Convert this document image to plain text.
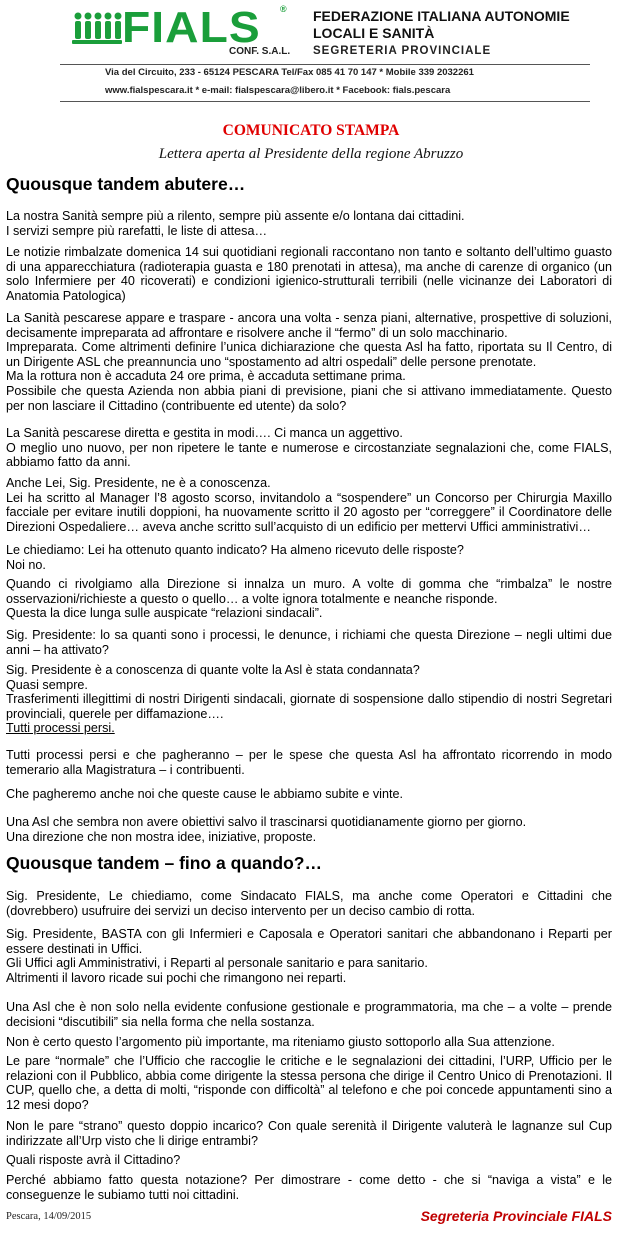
FIALS ®
CONF. S.A.L.
FEDERAZIONE ITALIANA AUTONOMIE
LOCALI E SANITÀ
SEGRETERIA PROVINCIALE
Via del Circuito, 233 - 65124 PESCARA Tel/Fax 085 41 70 147 * Mobile 339 2032261
www.fialspescara.it * e-mail: fialspescara@libero.it * Facebook: fials.pescara
COMUNICATO STAMPA
Lettera aperta al Presidente della regione Abruzzo
Quousque tandem abutere…
La nostra Sanità sempre più a rilento, sempre più assente e/o lontana dai cittadini.
I servizi sempre più rarefatti, le liste di attesa…
Le notizie rimbalzate domenica 14 sui quotidiani regionali raccontano non tanto e soltanto dell’ultimo guasto
di una apparecchiatura (radioterapia guasta e 180 prenotati in attesa), ma anche di carenze di organico (un
solo Infermiere per 40 ricoverati) e condizioni igienico-strutturali terribili (nelle vicinanze dei Laboratori di
Anatomia Patologica)
La Sanità pescarese appare e traspare - ancora una volta - senza piani, alternative, prospettive di soluzioni,
decisamente impreparata ad affrontare e risolvere anche il “fermo” di un solo macchinario.
Impreparata. Come altrimenti definire l’unica dichiarazione che questa Asl ha fatto, riportata su Il Centro, di
un Dirigente ASL che preannuncia uno “spostamento ad altri ospedali” delle persone prenotate.
Ma la rottura non è accaduta 24 ore prima, è accaduta settimane prima.
Possibile che questa Azienda non abbia piani di previsione, piani che si attivano immediatamente. Questo
per non lasciare il Cittadino (contribuente ed utente) da solo?
La Sanità pescarese diretta e gestita in modi…. Ci manca un aggettivo.
O meglio uno nuovo, per non ripetere le tante e numerose e circostanziate segnalazioni che, come FIALS,
abbiamo fatto da anni.
Anche Lei, Sig. Presidente, ne è a conoscenza.
Lei ha scritto al Manager l’8 agosto scorso, invitandolo a “sospendere” un Concorso per Chirurgia Maxillo
facciale per evitare inutili doppioni, ha nuovamente scritto il 20 agosto per “correggere” il Coordinatore delle
Direzioni Ospedaliere… aveva anche scritto sull’acquisto di un edificio per mettervi Uffici amministrativi…
Le chiediamo: Lei ha ottenuto quanto indicato? Ha almeno ricevuto delle risposte?
Noi no.
Quando ci rivolgiamo alla Direzione si innalza un muro. A volte di gomma che “rimbalza” le nostre
osservazioni/richieste a questo o quello… a volte ignora totalmente e neanche risponde.
Questa la dice lunga sulle auspicate “relazioni sindacali”.
Sig. Presidente: lo sa quanti sono i processi, le denunce, i richiami che questa Direzione – negli ultimi due
anni – ha attivato?
Sig. Presidente è a conoscenza di quante volte la Asl è stata condannata?
Quasi sempre.
Trasferimenti illegittimi di nostri Dirigenti sindacali, giornate di sospensione dallo stipendio di nostri Segretari
provinciali, querele per diffamazione….
Tutti processi persi.
Tutti processi persi e che pagheranno – per le spese che questa Asl ha affrontato ricorrendo in modo
temerario alla Magistratura – i contribuenti.
Che pagheremo anche noi che queste cause le abbiamo subite e vinte.
Una Asl che sembra non avere obiettivi salvo il trascinarsi quotidianamente giorno per giorno.
Una direzione che non mostra idee, iniziative, proposte.
Quousque tandem – fino a quando?…
Sig. Presidente, Le chiediamo, come Sindacato FIALS, ma anche come Operatori e Cittadini che
(dovrebbero) usufruire dei servizi un deciso intervento per un deciso cambio di rotta.
Sig. Presidente, BASTA con gli Infermieri e Caposala e Operatori sanitari che abbandonano i Reparti per
essere destinati in Uffici.
Gli Uffici agli Amministrativi, i Reparti al personale sanitario e para sanitario.
Altrimenti il lavoro ricade sui pochi che rimangono nei reparti.
Una Asl che è non solo nella evidente confusione gestionale e programmatoria, ma che – a volte – prende
decisioni “discutibili” sia nella forma che nella sostanza.
Non è certo questo l’argomento più importante, ma riteniamo giusto sottoporlo alla Sua attenzione.
Le pare “normale” che l’Ufficio che raccoglie le critiche e le segnalazioni dei cittadini, l’URP, Ufficio per le
relazioni con il Pubblico, abbia come dirigente la stessa persona che dirige il Centro Unico di Prenotazioni. Il
CUP, quello che, a detta di molti, “risponde con difficoltà” al telefono e che poi concede appuntamenti sino a
12 mesi dopo?
Non le pare “strano” questo doppio incarico? Con quale serenità il Dirigente valuterà le lagnanze sul Cup
indirizzate all’Urp visto che li dirige entrambi?
Quali risposte avrà il Cittadino?
Perché abbiamo fatto questa notazione? Per dimostrare - come detto - che si “naviga a vista” e le
conseguenze le subiamo tutti noi cittadini.
Pescara, 14/09/2015	Segreteria Provinciale FIALS
